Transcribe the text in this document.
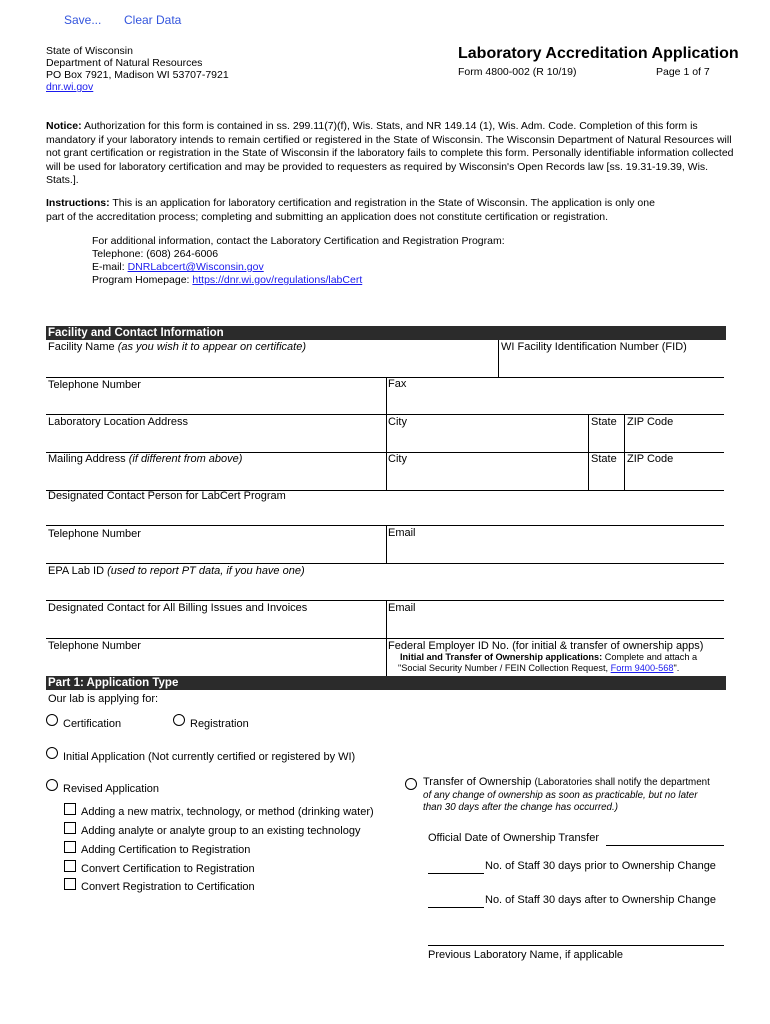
Save... Clear Data
State of Wisconsin
Department of Natural Resources
PO Box 7921, Madison WI 53707-7921
dnr.wi.gov
Laboratory Accreditation Application
Form 4800-002 (R 10/19)	Page 1 of 7
Notice: Authorization for this form is contained in ss. 299.11(7)(f), Wis. Stats, and NR 149.14 (1), Wis. Adm. Code. Completion of this form is mandatory if your laboratory intends to remain certified or registered in the State of Wisconsin. The Wisconsin Department of Natural Resources will not grant certification or registration in the State of Wisconsin if the laboratory fails to complete this form. Personally identifiable information collected will be used for laboratory certification and may be provided to requesters as required by Wisconsin's Open Records law [ss. 19.31-19.39, Wis. Stats.].
Instructions: This is an application for laboratory certification and registration in the State of Wisconsin. The application is only one part of the accreditation process; completing and submitting an application does not constitute certification or registration.
For additional information, contact the Laboratory Certification and Registration Program:
Telephone: (608) 264-6006
E-mail: DNRLabcert@Wisconsin.gov
Program Homepage: https://dnr.wi.gov/regulations/labCert
Facility and Contact Information
Facility Name (as you wish it to appear on certificate)	WI Facility Identification Number (FID)
Telephone Number	Fax
Laboratory Location Address	City	State ZIP Code
Mailing Address (if different from above)	City	State ZIP Code
Designated Contact Person for LabCert Program
Telephone Number	Email
EPA Lab ID (used to report PT data, if you have one)
Designated Contact for All Billing Issues and Invoices	Email
Telephone Number	Federal Employer ID No. (for initial & transfer of ownership apps)
Initial and Transfer of Ownership applications: Complete and attach a
"Social Security Number / FEIN Collection Request, Form 9400-568".
Part 1: Application Type
Our lab is applying for:
Certification	Registration
Initial Application (Not currently certified or registered by WI)
Revised Application
Adding a new matrix, technology, or method (drinking water)
Adding analyte or analyte group to an existing technology
Adding Certification to Registration
Convert Certification to Registration
Convert Registration to Certification
Transfer of Ownership (Laboratories shall notify the department
of any change of ownership as soon as practicable, but no later
than 30 days after the change has occurred.)
Official Date of Ownership Transfer
No. of Staff 30 days prior to Ownership Change
No. of Staff 30 days after to Ownership Change
Previous Laboratory Name, if applicable
